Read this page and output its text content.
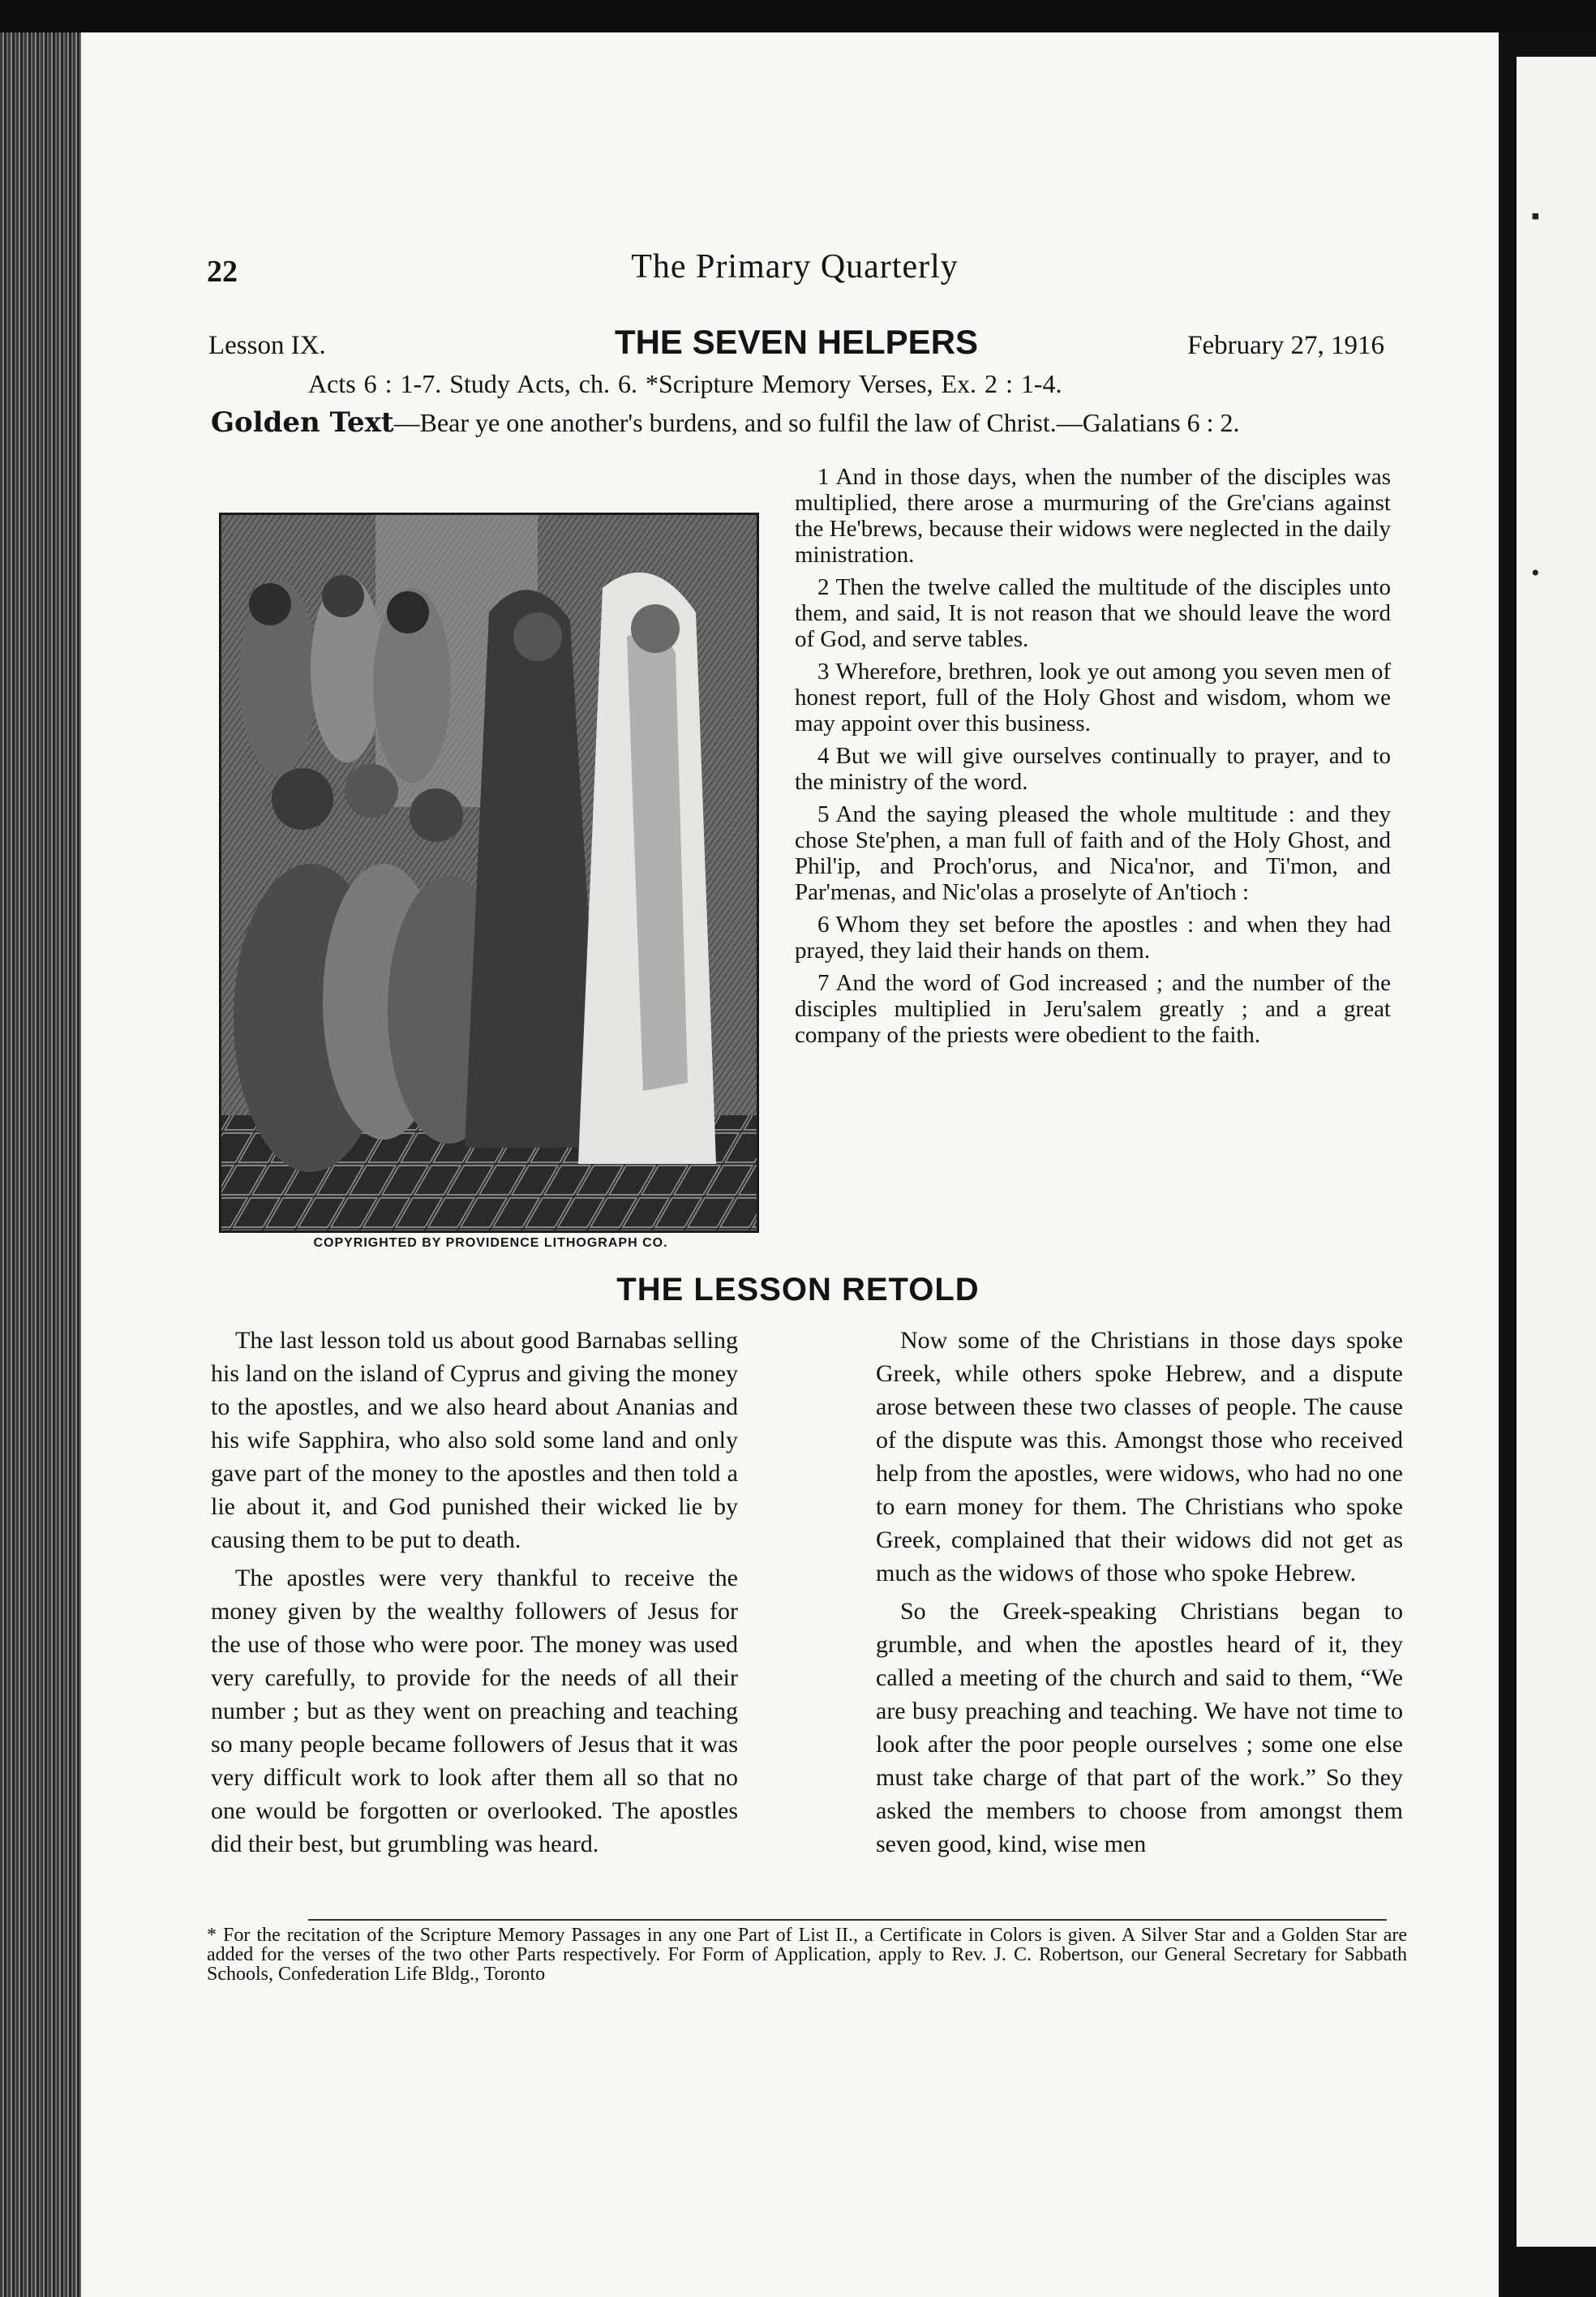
▪
•
22	The Primary Quarterly
Lesson IX.	THE SEVEN HELPERS	February 27, 1916
Acts 6 : 1-7. Study Acts, ch. 6. *Scripture Memory Verses, Ex. 2 : 1-4.
Golden Text—Bear ye one another's burdens, and so fulfil the law of Christ.—Galatians 6 : 2.
COPYRIGHTED BY PROVIDENCE LITHOGRAPH CO.

1 And in those days, when the number of the disciples was multiplied, there arose a murmuring of the Gre'cians against the He'brews, because their widows were neglected in the daily ministration.

2 Then the twelve called the multitude of the disciples unto them, and said, It is not reason that we should leave the word of God, and serve tables.

3 Wherefore, brethren, look ye out among you seven men of honest report, full of the Holy Ghost and wisdom, whom we may appoint over this business.

4 But we will give ourselves continually to prayer, and to the ministry of the word.

5 And the saying pleased the whole multitude : and they chose Ste'phen, a man full of faith and of the Holy Ghost, and Phil'ip, and Proch'orus, and Nica'nor, and Ti'mon, and Par'menas, and Nic'olas a proselyte of An'tioch :

6 Whom they set before the apostles : and when they had prayed, they laid their hands on them.

7 And the word of God increased ; and the number of the disciples multiplied in Jeru'salem greatly ; and a great company of the priests were obedient to the faith.

THE LESSON RETOLD

The last lesson told us about good Barnabas selling his land on the island of Cyprus and giving the money to the apostles, and we also heard about Ananias and his wife Sapphira, who also sold some land and only gave part of the money to the apostles and then told a lie about it, and God punished their wicked lie by causing them to be put to death.

The apostles were very thankful to receive the money given by the wealthy followers of Jesus for the use of those who were poor. The money was used very carefully, to provide for the needs of all their number ; but as they went on preaching and teaching so many people became followers of Jesus that it was very difficult work to look after them all so that no one would be forgotten or overlooked. The apostles did their best, but grumbling was heard.

Now some of the Christians in those days spoke Greek, while others spoke Hebrew, and a dispute arose between these two classes of people. The cause of the dispute was this. Amongst those who received help from the apostles, were widows, who had no one to earn money for them. The Christians who spoke Greek, complained that their widows did not get as much as the widows of those who spoke Hebrew.

So the Greek-speaking Christians began to grumble, and when the apostles heard of it, they called a meeting of the church and said to them, “We are busy preaching and teaching. We have not time to look after the poor people ourselves ; some one else must take charge of that part of the work.” So they asked the members to choose from amongst them seven good, kind, wise men

* For the recitation of the Scripture Memory Passages in any one Part of List II., a Certificate in Colors is given. A Silver Star and a Golden Star are added for the verses of the two other Parts respectively. For Form of Application, apply to Rev. J. C. Robertson, our General Secretary for Sabbath Schools, Confederation Life Bldg., Toronto
